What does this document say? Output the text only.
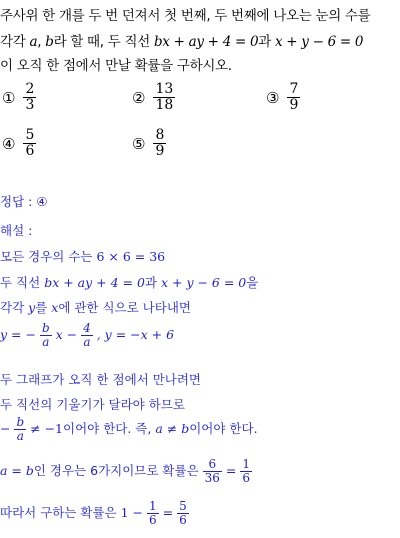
주사위 한 개를 두 번 던져서 첫 번째, 두 번째에 나오는 눈의 수를
각각 a, b라 할 때, 두 직선 bx + ay + 4 = 0과 x + y − 6 = 0
이 오직 한 점에서 만날 확률을 구하시오.
① $\frac{2}{3}$	② $\frac{13}{18}$	③ $\frac{7}{9}$
④ $\frac{5}{6}$	⑤ $\frac{8}{9}$
정답 : ④
해설 :
모든 경우의 수는 6 × 6 = 36
두 직선 bx + ay + 4 = 0과 x + y − 6 = 0을
각각 y를 x에 관한 식으로 나타내면
y = − $\frac{b}{a}$ $x - \frac{4}{a}$ , y = −x + 6
두 그래프가 오직 한 점에서 만나려면
두 직선의 기울기가 달라야 하므로
− $\frac{b}{a} \ne -1$이어야 한다. 즉, a ≠ b이어야 한다.
a = b인 경우는 6가지이므로 확률은 $\frac{6}{36} = \frac{1}{6}$
따라서 구하는 확률은 $1 - \frac{1}{6} = \frac{5}{6}$
